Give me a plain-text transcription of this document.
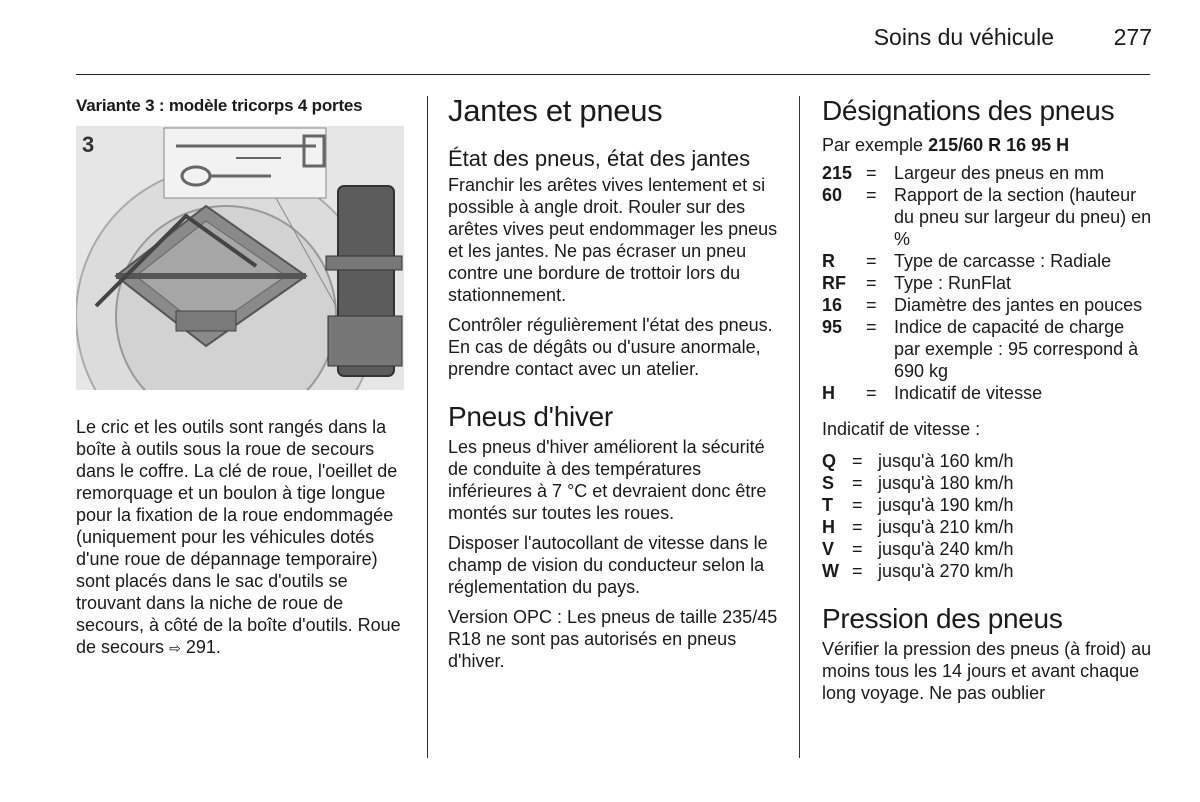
Soins du véhicule	277
Variante 3 : modèle tricorps 4 portes
3

Le cric et les outils sont rangés dans la boîte à outils sous la roue de secours dans le coffre. La clé de roue, l'oeillet de remorquage et un boulon à tige longue pour la fixation de la roue endommagée (uniquement pour les véhicules dotés d'une roue de dépannage temporaire) sont placés dans le sac d'outils se trouvant dans la niche de roue de secours, à côté de la boîte d'outils. Roue de secours ⇨ 291.

Jantes et pneus
État des pneus, état des jantes

Franchir les arêtes vives lentement et si possible à angle droit. Rouler sur des arêtes vives peut endommager les pneus et les jantes. Ne pas écraser un pneu contre une bordure de trottoir lors du stationnement.

Contrôler régulièrement l'état des pneus. En cas de dégâts ou d'usure anormale, prendre contact avec un atelier.

Pneus d'hiver

Les pneus d'hiver améliorent la sécurité de conduite à des températures inférieures à 7 °C et devraient donc être montés sur toutes les roues.

Disposer l'autocollant de vitesse dans le champ de vision du conducteur selon la réglementation du pays.

Version OPC : Les pneus de taille 235/45 R18 ne sont pas autorisés en pneus d'hiver.

Désignations des pneus
Par exemple 215/60 R 16 95 H
215 = Largeur des pneus en mm
60	= Rapport de la section (hauteur du pneu sur largeur du pneu) en %
R	= Type de carcasse : Radiale
RF	= Type : RunFlat
16	= Diamètre des jantes en pouces
95	= Indice de capacité de charge par exemple : 95 correspond à 690 kg
H	= Indicatif de vitesse

Indicatif de vitesse :

Q = jusqu'à 160 km/h
S = jusqu'à 180 km/h
T	= jusqu'à 190 km/h
H = jusqu'à 210 km/h
V = jusqu'à 240 km/h
W = jusqu'à 270 km/h
Pression des pneus

Vérifier la pression des pneus (à froid) au moins tous les 14 jours et avant chaque long voyage. Ne pas oublier
